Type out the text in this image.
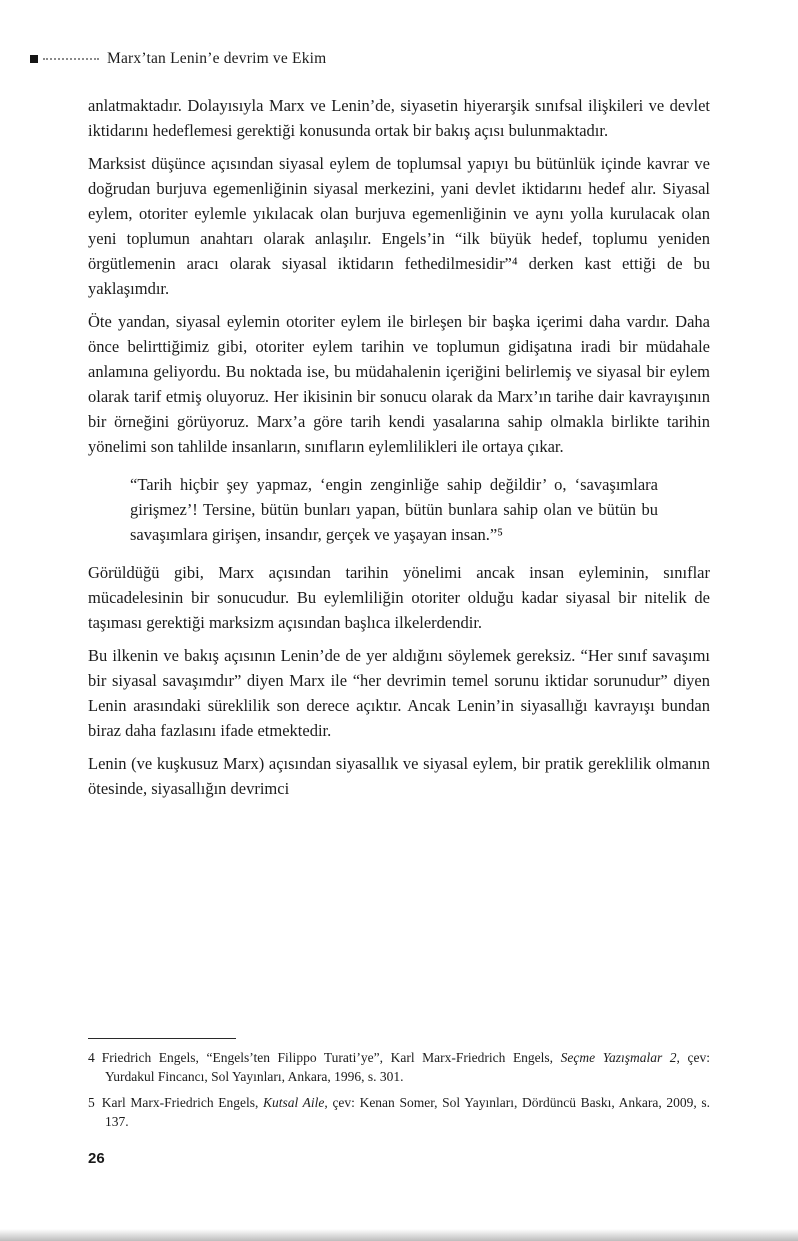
Marx’tan Lenin’e devrim ve Ekim

anlatmaktadır. Dolayısıyla Marx ve Lenin’de, siyasetin hiyerarşik sınıfsal ilişkileri ve devlet iktidarını hedeflemesi gerektiği konusunda ortak bir bakış açısı bulunmaktadır.

Marksist düşünce açısından siyasal eylem de toplumsal yapıyı bu bütünlük içinde kavrar ve doğrudan burjuva egemenliğinin siyasal merkezini, yani devlet iktidarını hedef alır. Siyasal eylem, otoriter eylemle yıkılacak olan burjuva egemenliğinin ve aynı yolla kurulacak olan yeni toplumun anahtarı olarak anlaşılır. Engels’in “ilk büyük hedef, toplumu yeniden örgütlemenin aracı olarak siyasal iktidarın fethedilmesidir”⁴ derken kast ettiği de bu yaklaşımdır.

Öte yandan, siyasal eylemin otoriter eylem ile birleşen bir başka içerimi daha vardır. Daha önce belirttiğimiz gibi, otoriter eylem tarihin ve toplumun gidişatına iradi bir müdahale anlamına geliyordu. Bu noktada ise, bu müdahalenin içeriğini belirlemiş ve siyasal bir eylem olarak tarif etmiş oluyoruz. Her ikisinin bir sonucu olarak da Marx’ın tarihe dair kavrayışının bir örneğini görüyoruz. Marx’a göre tarih kendi yasalarına sahip olmakla birlikte tarihin yönelimi son tahlilde insanların, sınıfların eylemlilikleri ile ortaya çıkar.

“Tarih hiçbir şey yapmaz, ‘engin zenginliğe sahip değildir’ o, ‘savaşımlara girişmez’! Tersine, bütün bunları yapan, bütün bunlara sahip olan ve bütün bu savaşımlara girişen, insandır, gerçek ve yaşayan insan.”⁵

Görüldüğü gibi, Marx açısından tarihin yönelimi ancak insan eyleminin, sınıflar mücadelesinin bir sonucudur. Bu eylemliliğin otoriter olduğu kadar siyasal bir nitelik de taşıması gerektiği marksizm açısından başlıca ilkelerdendir.

Bu ilkenin ve bakış açısının Lenin’de de yer aldığını söylemek gereksiz. “Her sınıf savaşımı bir siyasal savaşımdır” diyen Marx ile “her devrimin temel sorunu iktidar sorunudur” diyen Lenin arasındaki süreklilik son derece açıktır. Ancak Lenin’in siyasallığı kavrayışı bundan biraz daha fazlasını ifade etmektedir.

Lenin (ve kuşkusuz Marx) açısından siyasallık ve siyasal eylem, bir pratik gereklilik olmanın ötesinde, siyasallığın devrimci

4 Friedrich Engels, “Engels’ten Filippo Turati’ye”, Karl Marx-Friedrich Engels, Seçme Yazışmalar 2, çev: Yurdakul Fincancı, Sol Yayınları, Ankara, 1996, s. 301.
5 Karl Marx-Friedrich Engels, Kutsal Aile, çev: Kenan Somer, Sol Yayınları, Dördüncü Baskı, Ankara, 2009, s. 137.
26
